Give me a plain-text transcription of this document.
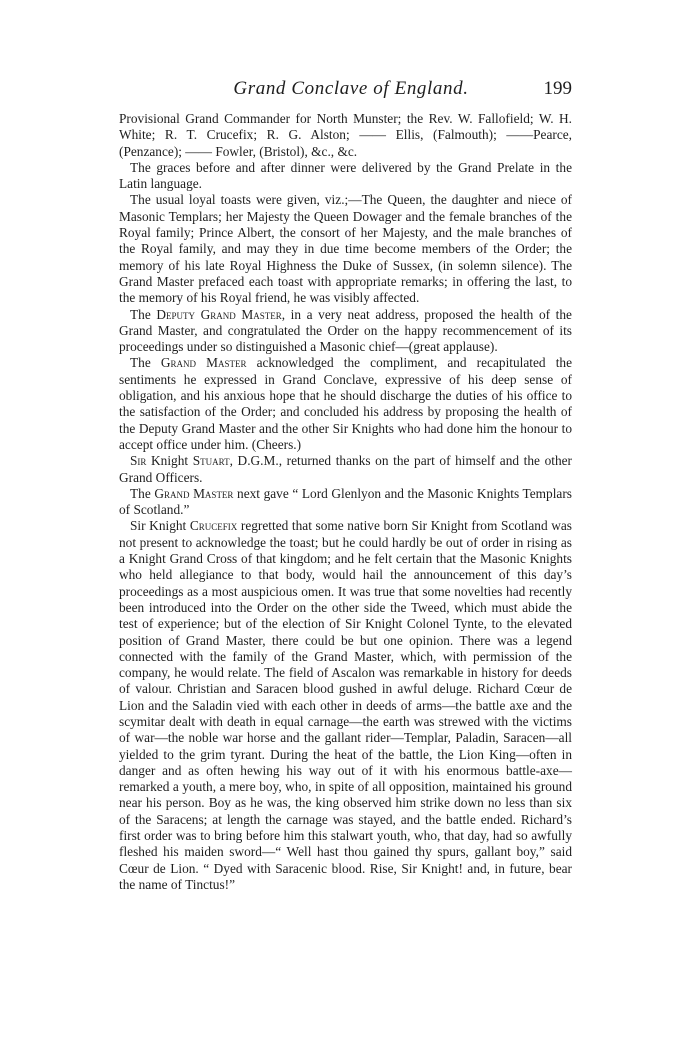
Grand Conclave of England.	199

Provisional Grand Commander for North Munster; the Rev. W. Fallofield; W. H. White; R. T. Crucefix; R. G. Alston; —— Ellis, (Falmouth); ——Pearce, (Penzance); —— Fowler, (Bristol), &c., &c.

The graces before and after dinner were delivered by the Grand Prelate in the Latin language.

The usual loyal toasts were given, viz.;—The Queen, the daughter and niece of Masonic Templars; her Majesty the Queen Dowager and the female branches of the Royal family; Prince Albert, the consort of her Majesty, and the male branches of the Royal family, and may they in due time become members of the Order; the memory of his late Royal Highness the Duke of Sussex, (in solemn silence). The Grand Master prefaced each toast with appropriate remarks; in offering the last, to the memory of his Royal friend, he was visibly affected.

The Deputy Grand Master, in a very neat address, proposed the health of the Grand Master, and congratulated the Order on the happy recommencement of its proceedings under so distinguished a Masonic chief—(great applause).

The Grand Master acknowledged the compliment, and recapitulated the sentiments he expressed in Grand Conclave, expressive of his deep sense of obligation, and his anxious hope that he should discharge the duties of his office to the satisfaction of the Order; and concluded his address by proposing the health of the Deputy Grand Master and the other Sir Knights who had done him the honour to accept office under him. (Cheers.)

Sir Knight Stuart, D.G.M., returned thanks on the part of himself and the other Grand Officers.

The Grand Master next gave “ Lord Glenlyon and the Masonic Knights Templars of Scotland.”

Sir Knight Crucefix regretted that some native born Sir Knight from Scotland was not present to acknowledge the toast; but he could hardly be out of order in rising as a Knight Grand Cross of that kingdom; and he felt certain that the Masonic Knights who held allegiance to that body, would hail the announcement of this day’s proceedings as a most auspicious omen. It was true that some novelties had recently been introduced into the Order on the other side the Tweed, which must abide the test of experience; but of the election of Sir Knight Colonel Tynte, to the elevated position of Grand Master, there could be but one opinion. There was a legend connected with the family of the Grand Master, which, with permission of the company, he would relate. The field of Ascalon was remarkable in history for deeds of valour. Christian and Saracen blood gushed in awful deluge. Richard Cœur de Lion and the Saladin vied with each other in deeds of arms—the battle axe and the scymitar dealt with death in equal carnage—the earth was strewed with the victims of war—the noble war horse and the gallant rider—Templar, Paladin, Saracen—all yielded to the grim tyrant. During the heat of the battle, the Lion King—often in danger and as often hewing his way out of it with his enormous battle-axe—remarked a youth, a mere boy, who, in spite of all opposition, maintained his ground near his person. Boy as he was, the king observed him strike down no less than six of the Saracens; at length the carnage was stayed, and the battle ended. Richard’s first order was to bring before him this stalwart youth, who, that day, had so awfully fleshed his maiden sword—“ Well hast thou gained thy spurs, gallant boy,” said Cœur de Lion. “ Dyed with Saracenic blood. Rise, Sir Knight! and, in future, bear the name of Tinctus!”
